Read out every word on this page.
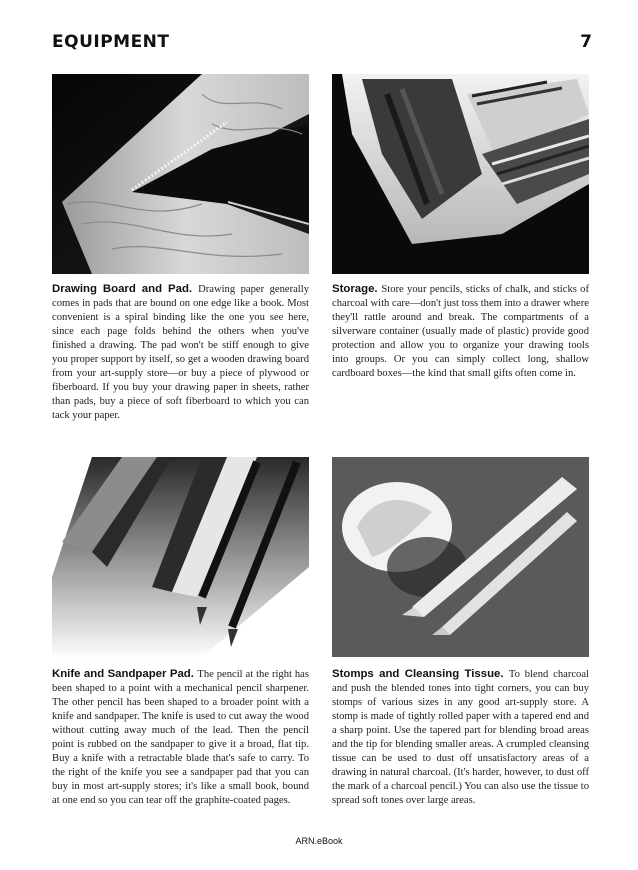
EQUIPMENT	7
Drawing Board and Pad. Drawing paper generally comes in pads that are bound on one edge like a book. Most convenient is a spiral binding like the one you see here, since each page folds behind the others when you've finished a drawing. The pad won't be stiff enough to give you proper support by itself, so get a wooden drawing board from your art-supply store—or buy a piece of plywood or fiberboard. If you buy your drawing paper in sheets, rather than pads, buy a piece of soft fiberboard to which you can tack your paper.
Storage. Store your pencils, sticks of chalk, and sticks of charcoal with care—don't just toss them into a drawer where they'll rattle around and break. The compartments of a silverware container (usually made of plastic) provide good protection and allow you to organize your drawing tools into groups. Or you can simply collect long, shallow cardboard boxes—the kind that small gifts often come in.
Knife and Sandpaper Pad. The pencil at the right has been shaped to a point with a mechanical pencil sharpener. The other pencil has been shaped to a broader point with a knife and sandpaper. The knife is used to cut away the wood without cutting away much of the lead. Then the pencil point is rubbed on the sandpaper to give it a broad, flat tip. Buy a knife with a retractable blade that's safe to carry. To the right of the knife you see a sandpaper pad that you can buy in most art-supply stores; it's like a small book, bound at one end so you can tear off the graphite-coated pages.
Stomps and Cleansing Tissue. To blend charcoal and push the blended tones into tight corners, you can buy stomps of various sizes in any good art-supply store. A stomp is made of tightly rolled paper with a tapered end and a sharp point. Use the tapered part for blending broad areas and the tip for blending smaller areas. A crumpled cleansing tissue can be used to dust off unsatisfactory areas of a drawing in natural charcoal. (It's harder, however, to dust off the mark of a charcoal pencil.) You can also use the tissue to spread soft tones over large areas.
ARN.eBook
